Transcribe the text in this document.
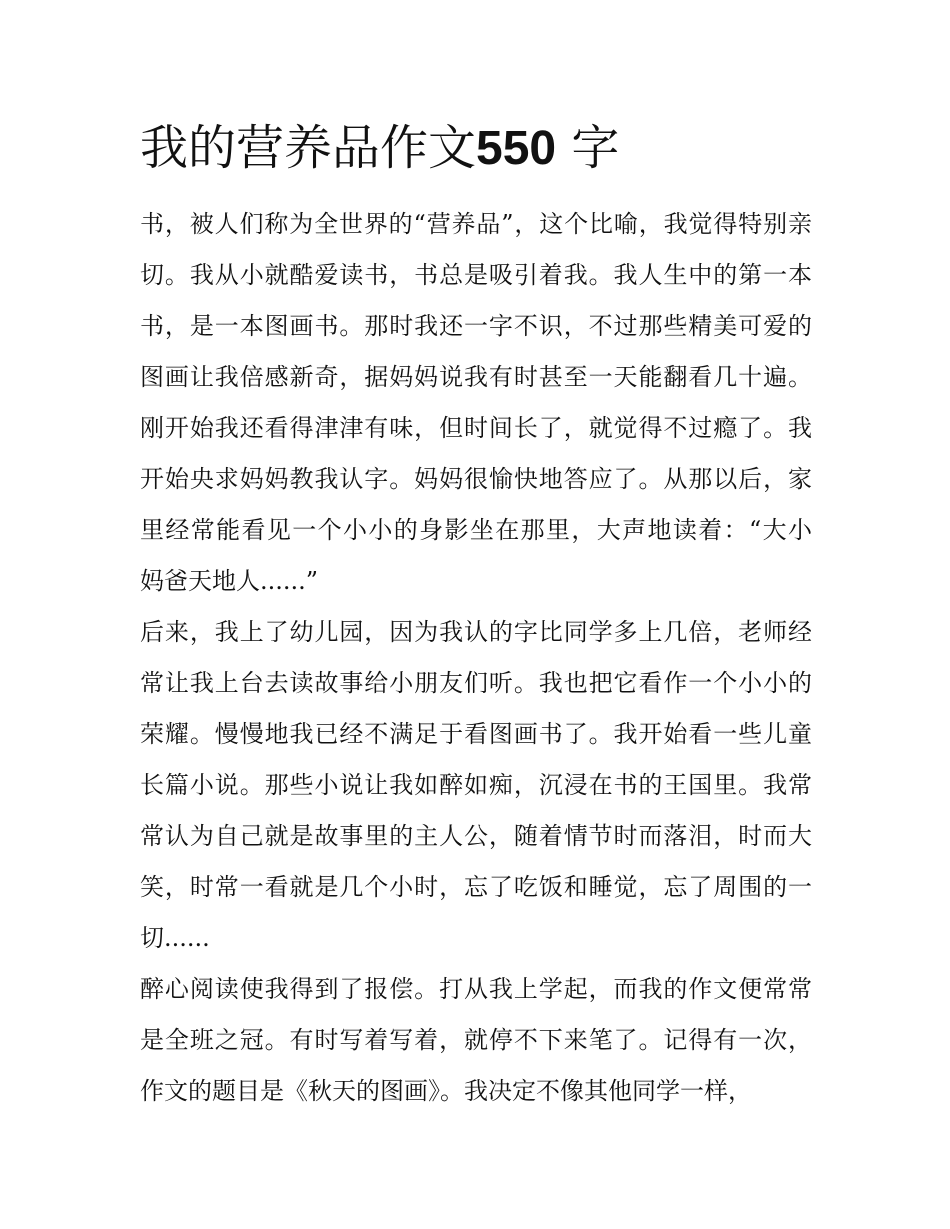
我的营养品作文550 字
书，被人们称为全世界的“营养品”，这个比喻，我觉得特别亲
切。我从小就酷爱读书，书总是吸引着我。我人生中的第一本
书，是一本图画书。那时我还一字不识，不过那些精美可爱的
图画让我倍感新奇，据妈妈说我有时甚至一天能翻看几十遍。
刚开始我还看得津津有味，但时间长了，就觉得不过瘾了。我
开始央求妈妈教我认字。妈妈很愉快地答应了。从那以后，家
里经常能看见一个小小的身影坐在那里，大声地读着：“大小
妈爸天地人......”
后来，我上了幼儿园，因为我认的字比同学多上几倍，老师经
常让我上台去读故事给小朋友们听。我也把它看作一个小小的
荣耀。慢慢地我已经不满足于看图画书了。我开始看一些儿童
长篇小说。那些小说让我如醉如痴，沉浸在书的王国里。我常
常认为自己就是故事里的主人公，随着情节时而落泪，时而大
笑，时常一看就是几个小时，忘了吃饭和睡觉，忘了周围的一
切......
醉心阅读使我得到了报偿。打从我上学起，而我的作文便常常
是全班之冠。有时写着写着，就停不下来笔了。记得有一次，
作文的题目是《秋天的图画》。我决定不像其他同学一样，
